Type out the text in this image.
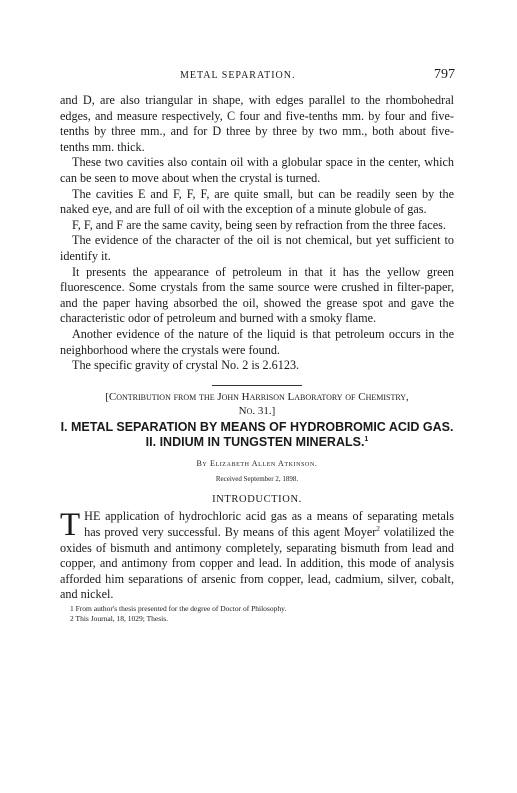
METAL SEPARATION.	797

and D, are also triangular in shape, with edges parallel to the rhombohedral edges, and measure respectively, C four and five-tenths mm. by four and five-tenths by three mm., and for D three by three by two mm., both about five-tenths mm. thick.

These two cavities also contain oil with a globular space in the center, which can be seen to move about when the crystal is turned.

The cavities E and F, F, F, are quite small, but can be readily seen by the naked eye, and are full of oil with the exception of a minute globule of gas.

F, F, and F are the same cavity, being seen by refraction from the three faces.

The evidence of the character of the oil is not chemical, but yet sufficient to identify it.

It presents the appearance of petroleum in that it has the yellow green fluorescence. Some crystals from the same source were crushed in filter-paper, and the paper having absorbed the oil, showed the grease spot and gave the characteristic odor of petroleum and burned with a smoky flame.

Another evidence of the nature of the liquid is that petroleum occurs in the neighborhood where the crystals were found.

The specific gravity of crystal No. 2 is 2.6123.

[Contribution from the John Harrison Laboratory of Chemistry,
No. 31.]
I. METAL SEPARATION BY MEANS OF HYDROBROMIC ACID GAS. II. INDIUM IN TUNGSTEN MINERALS.$^1$
By Elizabeth Allen Atkinson.
Received September 2, 1898.
INTRODUCTION.

THE application of hydrochloric acid gas as a means of separating metals has proved very successful. By means of this agent Moyer$^2$ volatilized the oxides of bismuth and antimony completely, separating bismuth from lead and copper, and antimony from copper and lead. In addition, this mode of analysis afforded him separations of arsenic from copper, lead, cadmium, silver, cobalt, and nickel.

1 From author's thesis presented for the degree of Doctor of Philosophy.
2 This Journal, 18, 1029; Thesis.
